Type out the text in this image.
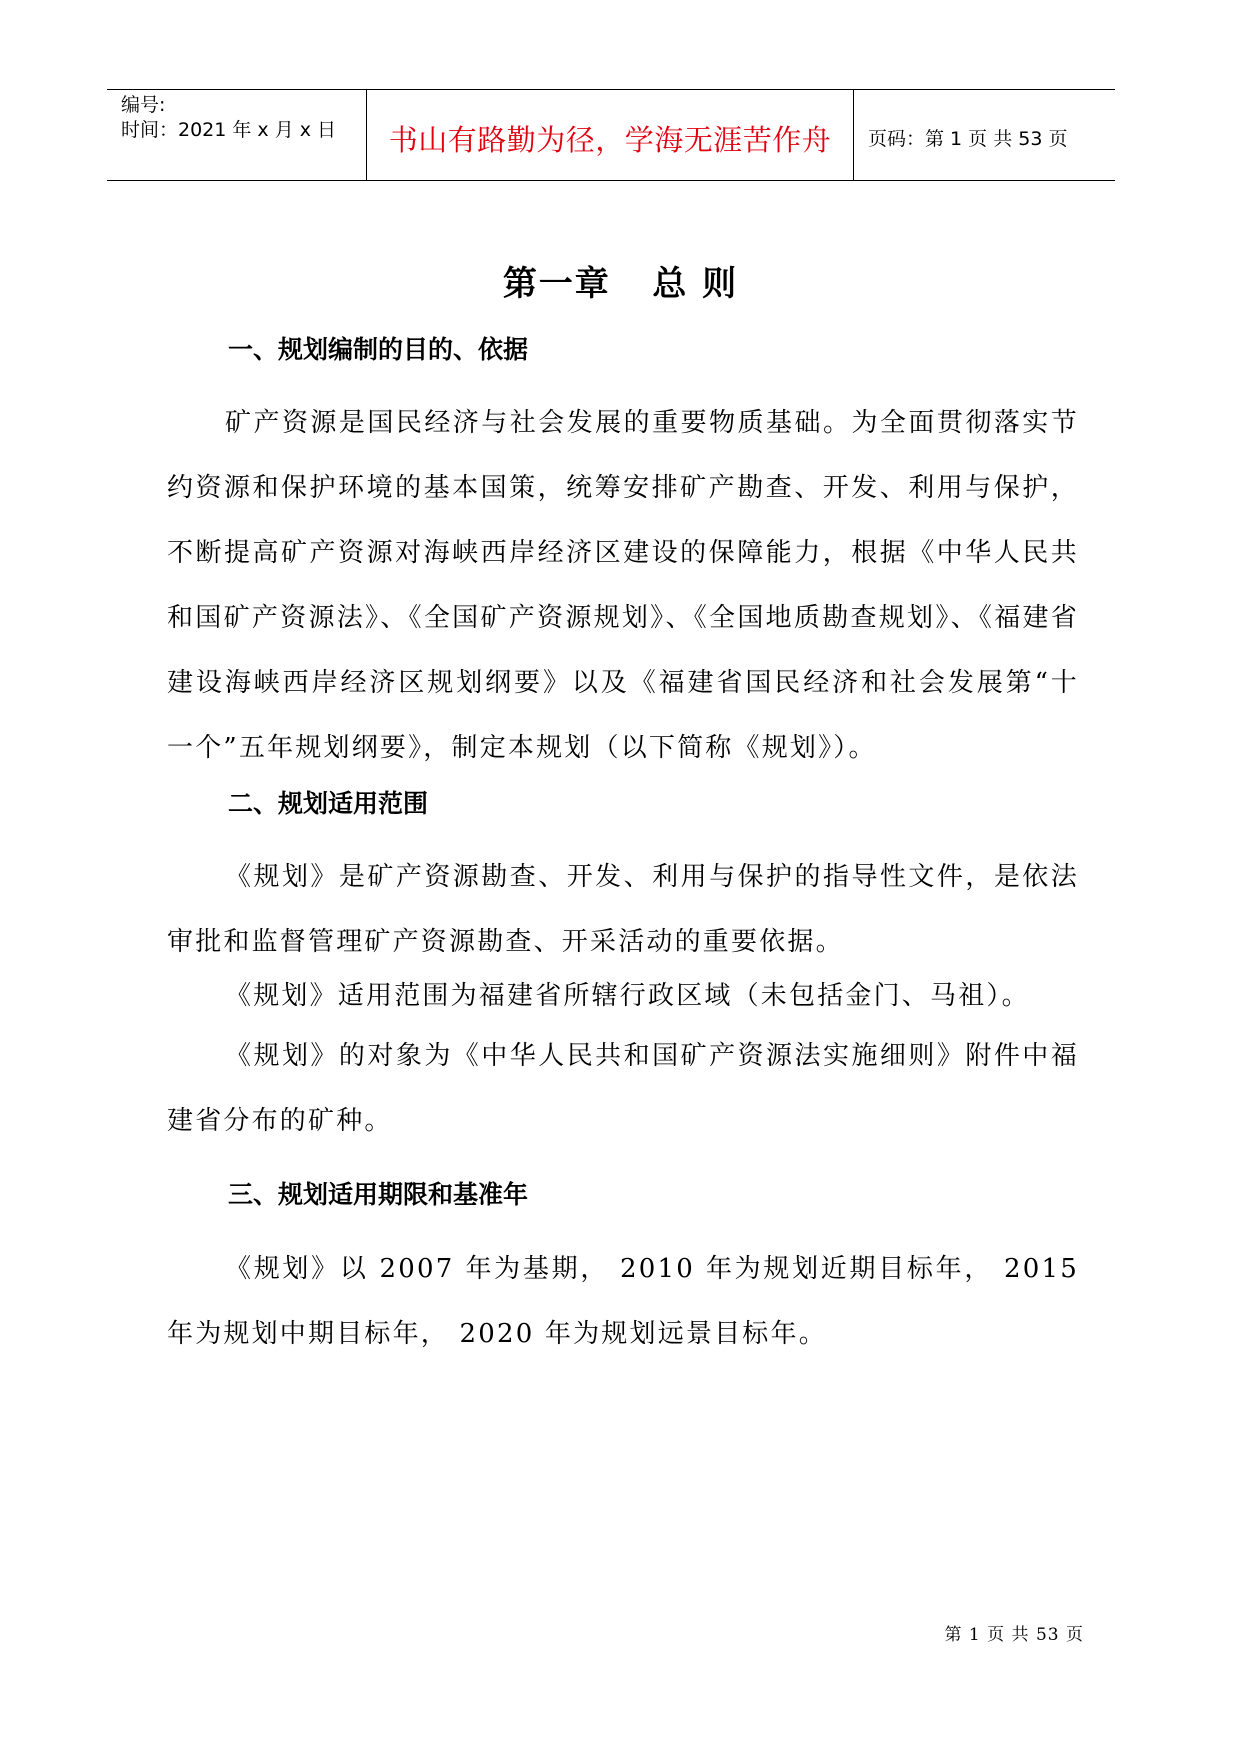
编号:
时间：2021 年 x 月 x 日	书山有路勤为径，学海无涯苦作舟	页码：第 1 页 共 53 页
第一章   总 则
一、规划编制的目的、依据
矿产资源是国民经济与社会发展的重要物质基础。为全面贯彻落实节约资源和保护环境的基本国策，统筹安排矿产勘查、开发、利用与保护，不断提高矿产资源对海峡西岸经济区建设的保障能力，根据《中华人民共和国矿产资源法》、《全国矿产资源规划》、《全国地质勘查规划》、《福建省建设海峡西岸经济区规划纲要》以及《福建省国民经济和社会发展第“十一个”五年规划纲要》，制定本规划（以下简称《规划》）。
二、规划适用范围
《规划》是矿产资源勘查、开发、利用与保护的指导性文件，是依法审批和监督管理矿产资源勘查、开采活动的重要依据。
《规划》适用范围为福建省所辖行政区域（未包括金门、马祖）。
《规划》的对象为《中华人民共和国矿产资源法实施细则》附件中福建省分布的矿种。
三、规划适用期限和基准年
《规划》以 2007 年为基期， 2010 年为规划近期目标年， 2015 年为规划中期目标年， 2020 年为规划远景目标年。
第 1 页 共 53 页
